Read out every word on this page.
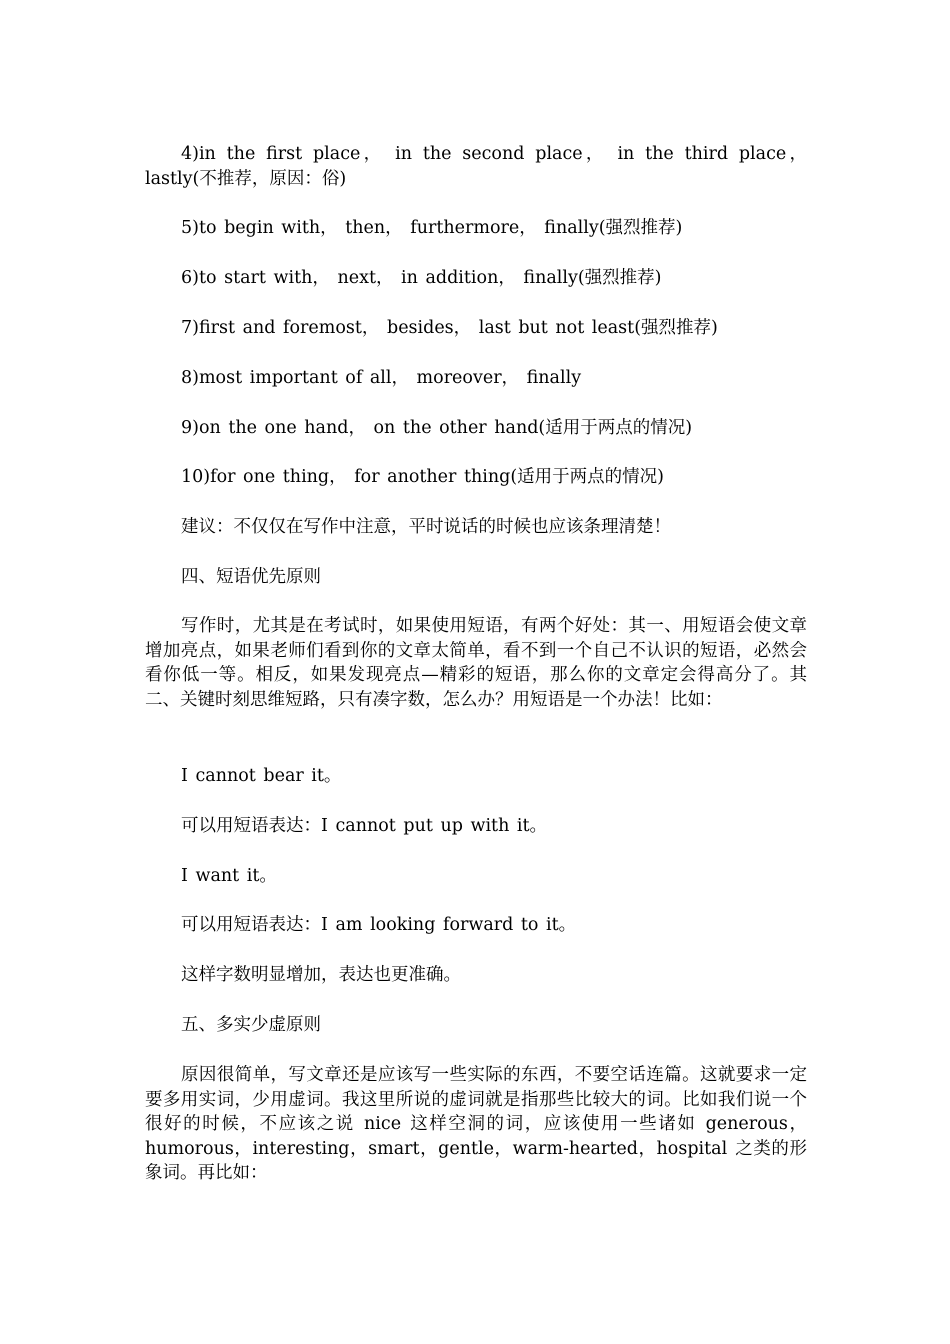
4)in the first place， in the second place， in the third place，lastly(不推荐，原因：俗)
5)to begin with， then， furthermore， finally(强烈推荐)
6)to start with， next， in addition， finally(强烈推荐)
7)first and foremost， besides， last but not least(强烈推荐)
8)most important of all， moreover， finally
9)on the one hand， on the other hand(适用于两点的情况)
10)for one thing， for another thing(适用于两点的情况)
建议：不仅仅在写作中注意，平时说话的时候也应该条理清楚！
四、短语优先原则
写作时，尤其是在考试时，如果使用短语，有两个好处：其一、用短语会使文章增加亮点，如果老师们看到你的文章太简单，看不到一个自己不认识的短语，必然会看你低一等。相反，如果发现亮点—精彩的短语，那么你的文章定会得高分了。其二、关键时刻思维短路，只有凑字数，怎么办？用短语是一个办法！比如：
I cannot bear it。
可以用短语表达：I cannot put up with it。
I want it。
可以用短语表达：I am looking forward to it。
这样字数明显增加，表达也更准确。
五、多实少虚原则
原因很简单，写文章还是应该写一些实际的东西，不要空话连篇。这就要求一定要多用实词，少用虚词。我这里所说的虚词就是指那些比较大的词。比如我们说一个很好的时候，不应该之说 nice 这样空洞的词，应该使用一些诸如 generous，humorous，interesting，smart，gentle，warm-hearted，hospital 之类的形象词。再比如：
